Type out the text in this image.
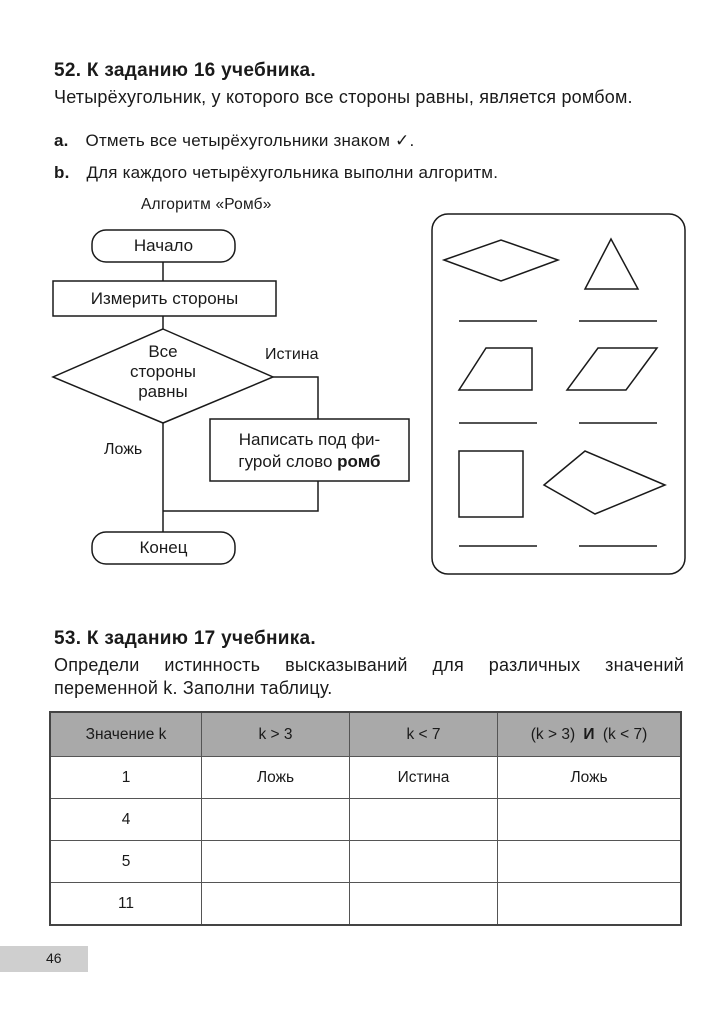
52. К заданию 16 учебника.
Четырёхугольник, у которого все стороны равны, является ромбом.
a. Отметь все четырёхугольники знаком ✓.
b. Для каждого четырёхугольника выполни алгоритм.
Алгоритм «Ромб»
Начало
Измерить стороны
Все
стороны
равны
Истина
Ложь
Написать под фи-
гурой слово ромб
Конец
53. К заданию 17 учебника.
Определи истинность высказываний для различных значений переменной k. Заполни таблицу.
Значение k	k > 3	k < 7	(k > 3) И (k < 7)
1	Ложь	Истина	Ложь
4			
5			
11			
46
